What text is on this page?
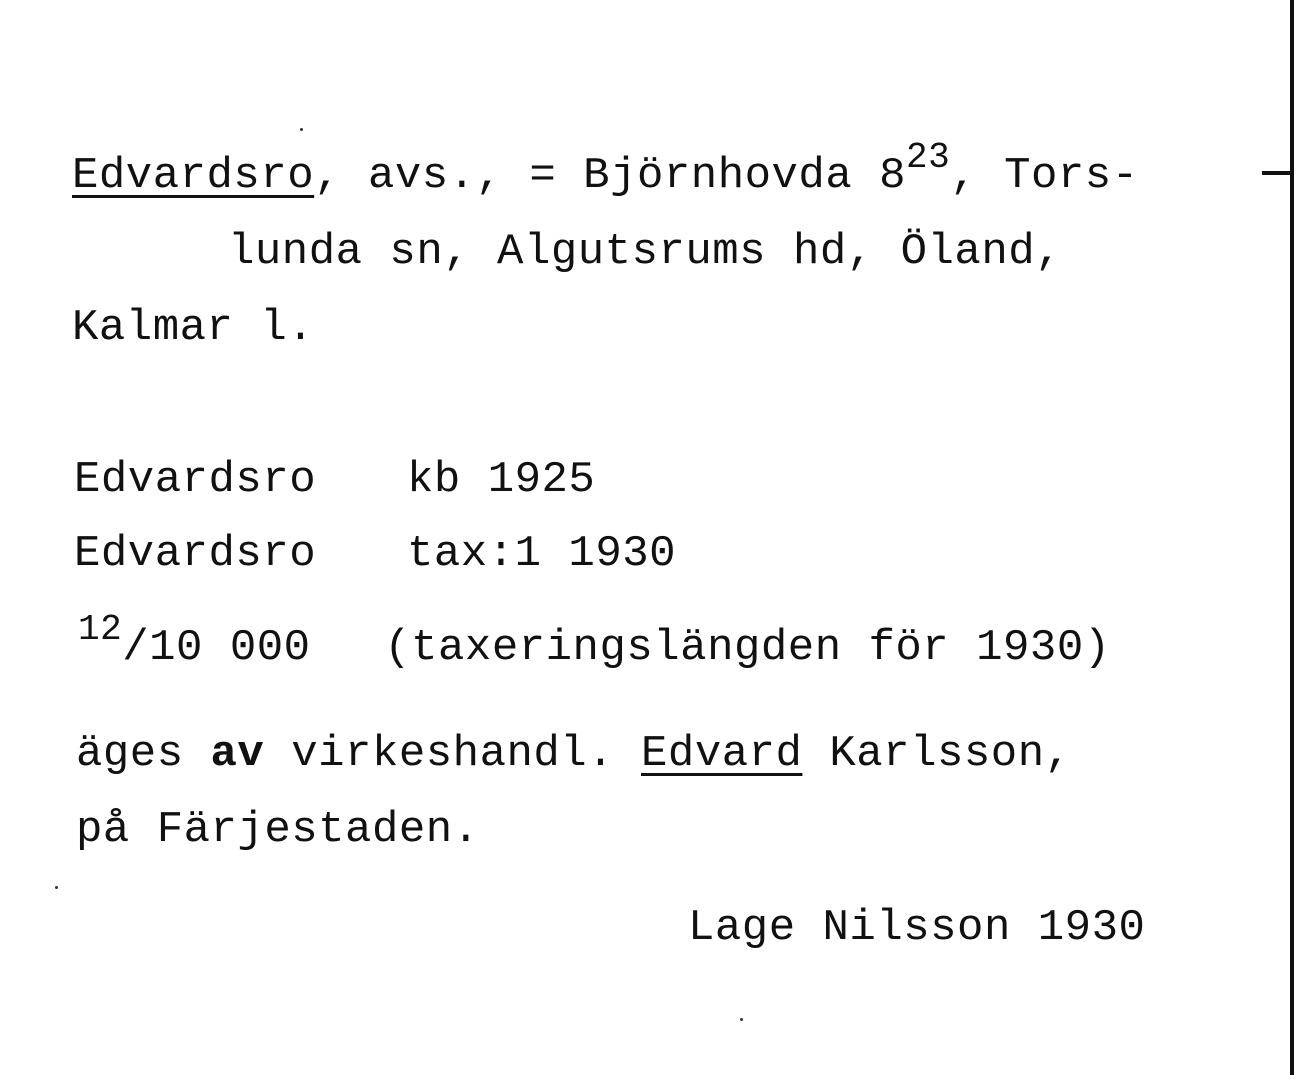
Edvardsro, avs., = Björnhovda $8^{23}$, Tors-
lunda sn, Algutsrums hd, Öland,
Kalmar l.
Edvardsro kb 1925
Edvardsro tax:1 1930
$^{12}$/10 000 (taxeringslängden för 1930)
äges av virkeshandl. Edvard Karlsson,
på Färjestaden.
Lage Nilsson 1930
